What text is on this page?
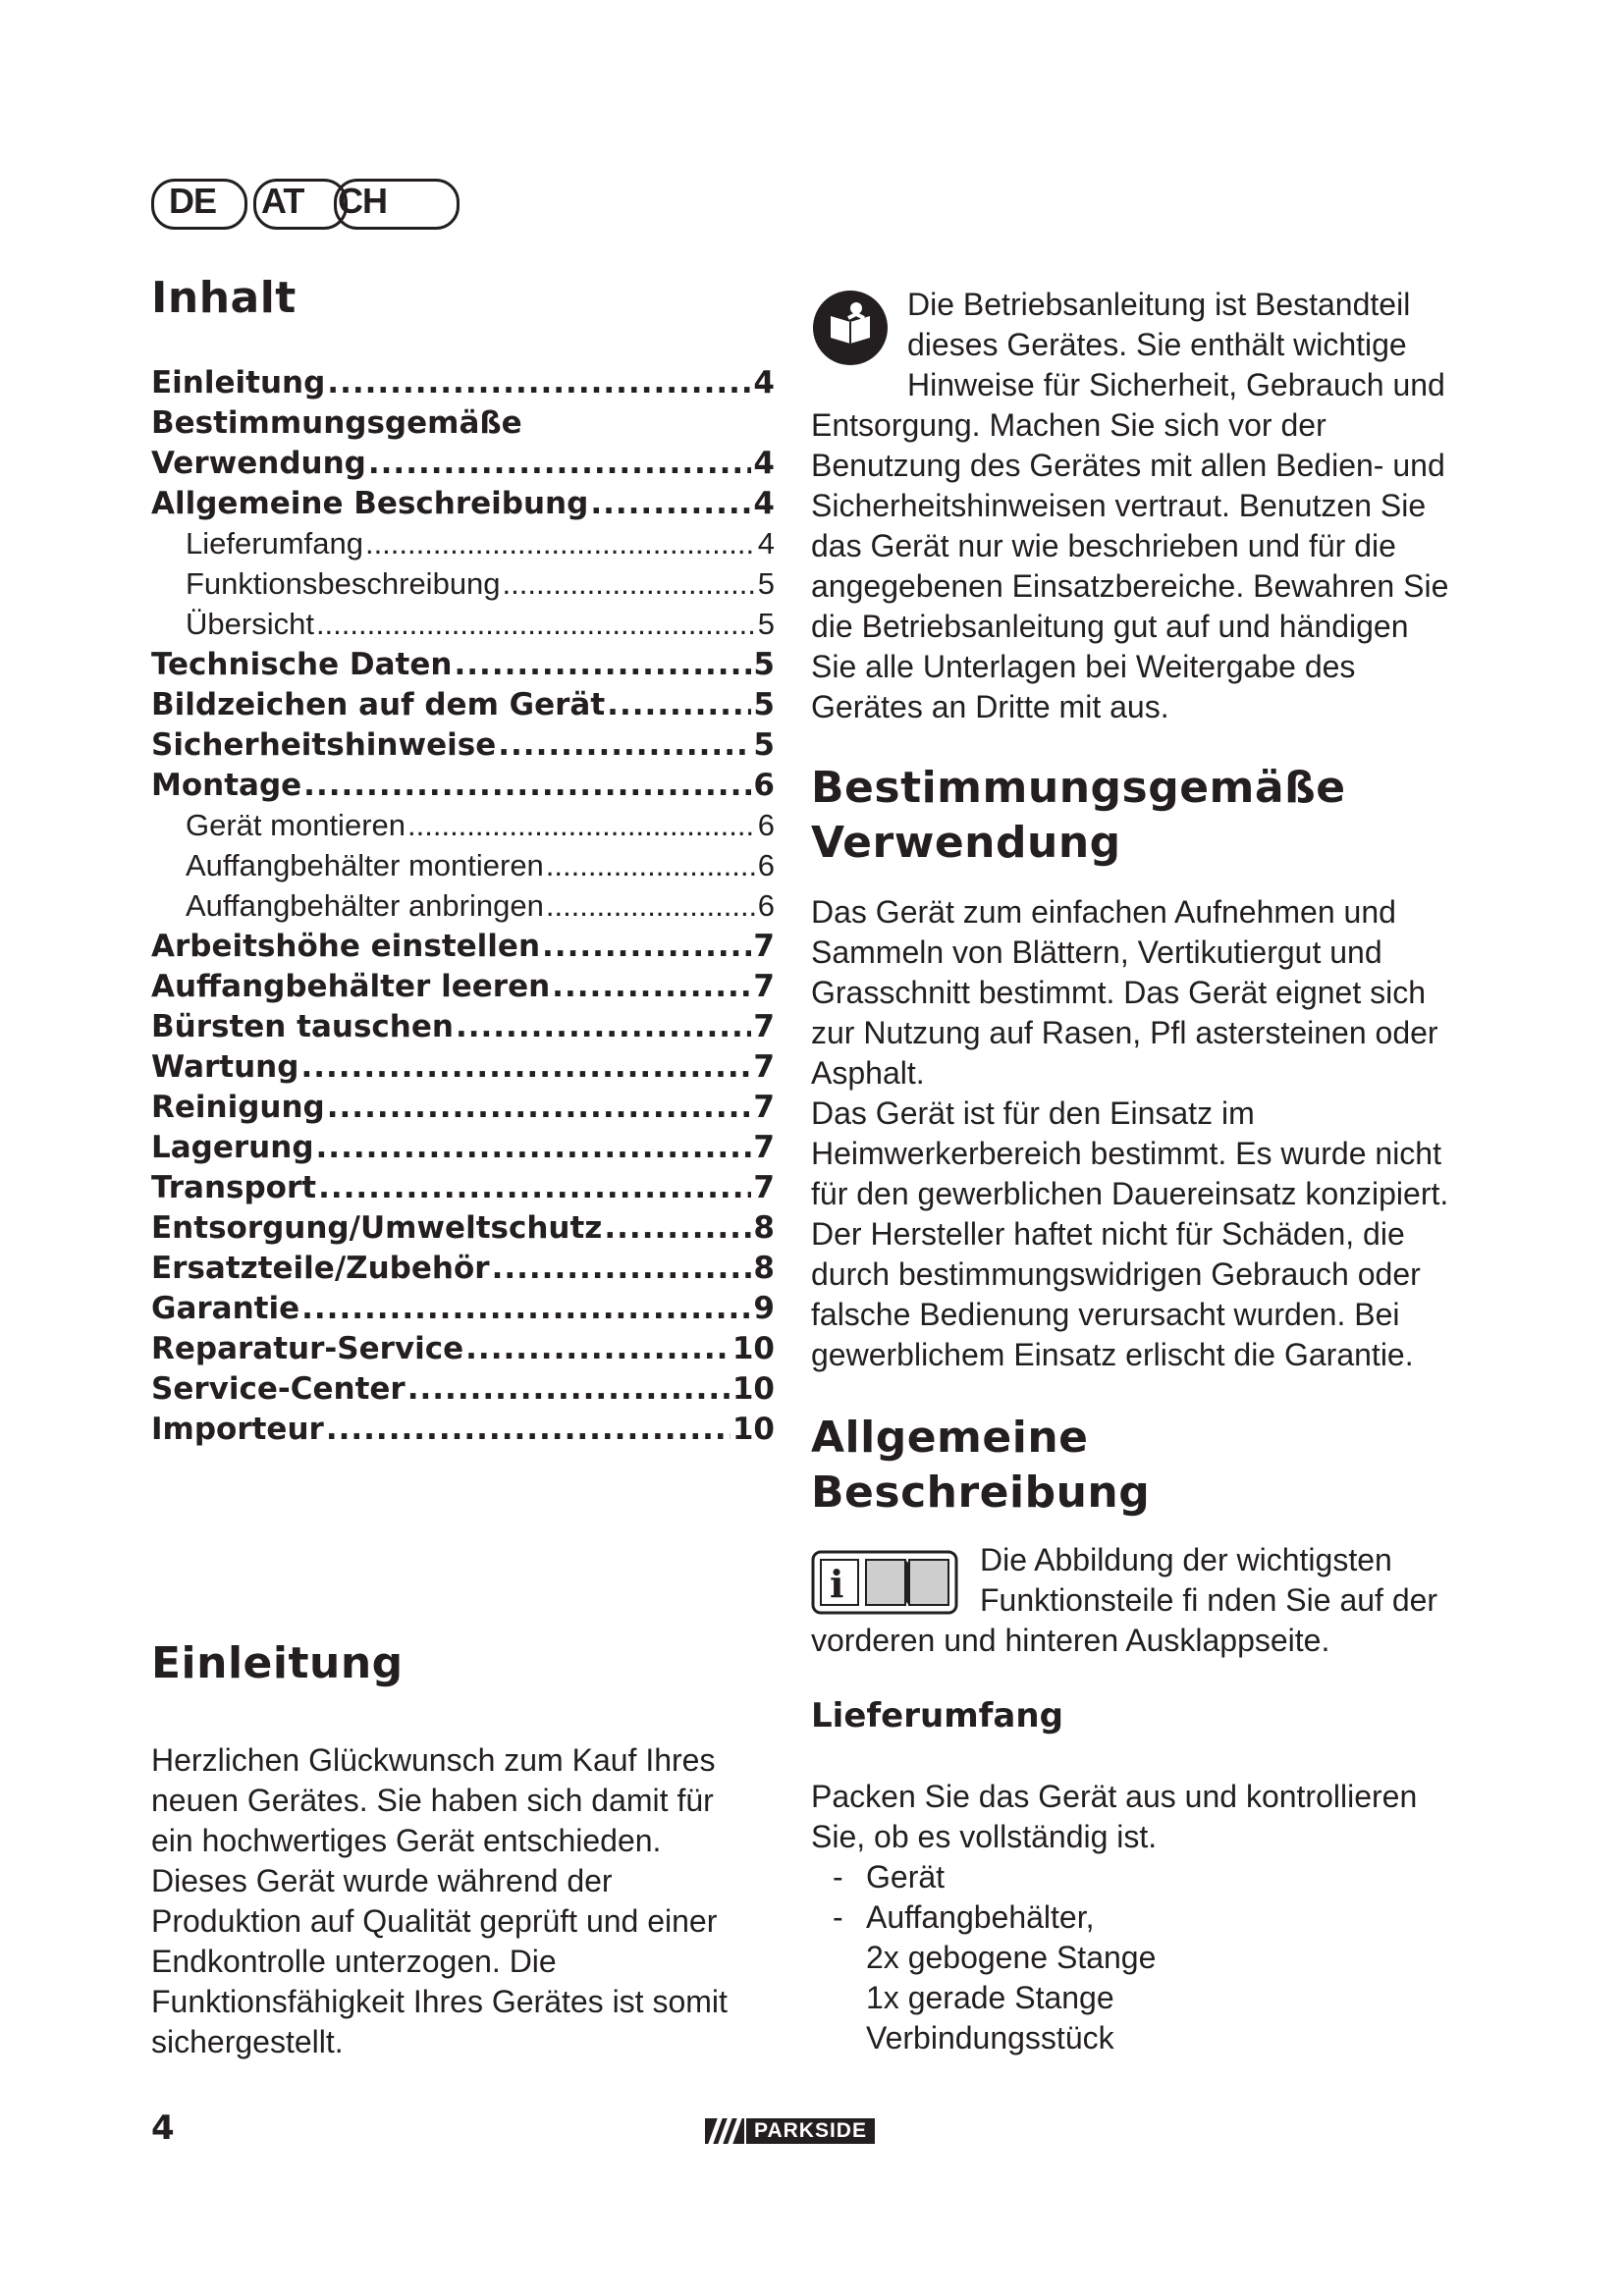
DE AT CH
Inhalt
Einleitung .....	4
Bestimmungsgemäße
Verwendung .....	4
Allgemeine Beschreibung .....	4
Lieferumfang .....	4
Funktionsbeschreibung .....	5
Übersicht .....	5
Technische Daten .....	5
Bildzeichen auf dem Gerät .....	5
Sicherheitshinweise .....	5
Montage .....	6
Gerät montieren .....	6
Auffangbehälter montieren .....	6
Auffangbehälter anbringen .....	6
Arbeitshöhe einstellen .....	7
Auffangbehälter leeren .....	7
Bürsten tauschen .....	7
Wartung .....	7
Reinigung .....	7
Lagerung .....	7
Transport .....	7
Entsorgung/Umweltschutz .....	8
Ersatzteile/Zubehör .....	8
Garantie .....	9
Reparatur-Service .....	10
Service-Center .....	10
Importeur .....	10
Einleitung

Herzlichen Glückwunsch zum Kauf Ihres neuen Gerätes. Sie haben sich damit für ein hochwertiges Gerät entschieden. Dieses Gerät wurde während der Produktion auf Qualität geprüft und einer Endkontrolle unterzogen. Die Funktionsfähigkeit Ihres Gerätes ist somit sichergestellt.

Die Betriebsanleitung ist Bestandteil dieses Gerätes. Sie enthält wichtige Hinweise für Sicherheit, Gebrauch und Entsorgung. Machen Sie sich vor der Benutzung des Gerätes mit allen Bedien- und Sicherheitshinweisen vertraut. Benutzen Sie das Gerät nur wie beschrieben und für die angegebenen Einsatzbereiche. Bewahren Sie die Betriebsanleitung gut auf und händigen Sie alle Unterlagen bei Weitergabe des Gerätes an Dritte mit aus.

Bestimmungsgemäße
Verwendung

Das Gerät zum einfachen Aufnehmen und Sammeln von Blättern, Vertikutiergut und Grasschnitt bestimmt. Das Gerät eignet sich zur Nutzung auf Rasen, Pfl astersteinen oder Asphalt.

Das Gerät ist für den Einsatz im Heimwerkerbereich bestimmt. Es wurde nicht für den gewerblichen Dauereinsatz konzipiert. Der Hersteller haftet nicht für Schäden, die durch bestimmungswidrigen Gebrauch oder falsche Bedienung verursacht wurden. Bei gewerblichem Einsatz erlischt die Garantie.

Allgemeine
Beschreibung
i

Die Abbildung der wichtigsten Funktionsteile fi nden Sie auf der vorderen und hinteren Ausklappseite.

Lieferumfang

Packen Sie das Gerät aus und kontrollieren Sie, ob es vollständig ist.

- Gerät
- Auffangbehälter,
2x gebogene Stange
1x gerade Stange
Verbindungsstück
4	PARKSIDE
